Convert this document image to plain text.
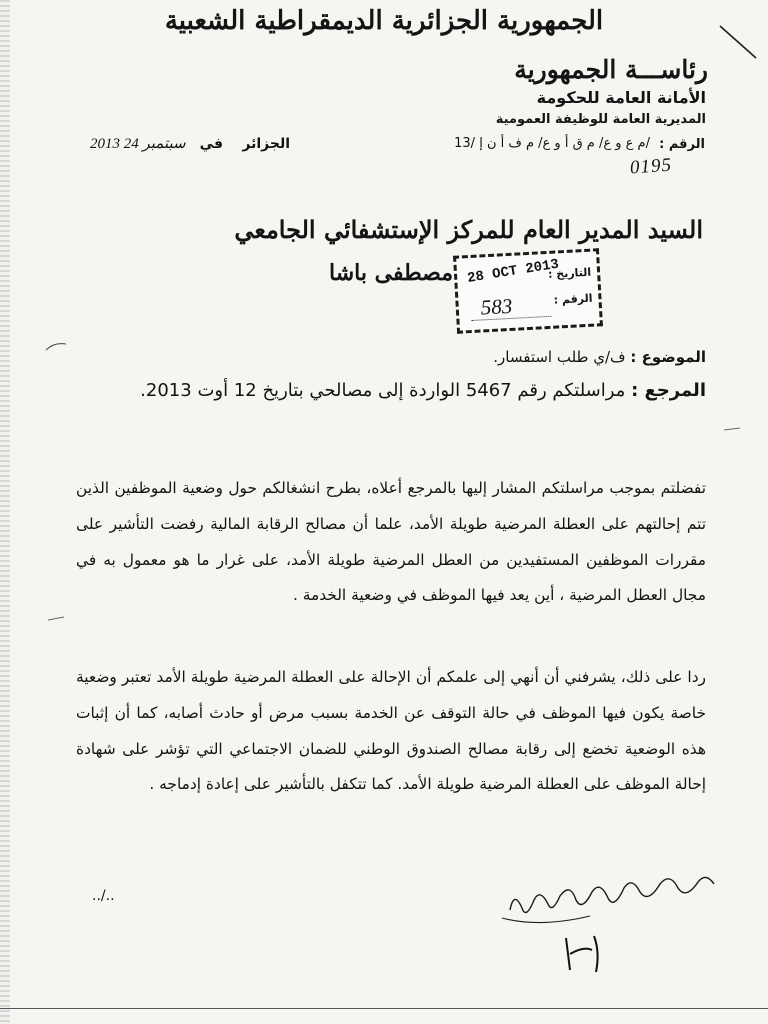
الجمهورية الجزائرية الديمقراطية الشعبية
رئاســـة الجمهورية
الأمانة العامة للحكومة
المديرية العامة للوظيفة العمومية
الرقم :
13/ م ع و ع/ م ق أ و ع/ م ف أ ن إ/
الجزائر
في
2013 سبتمبر 24
0195
السيد المدير العام للمركز الإستشفائي الجامعي
مصطفى باشا	التاريخ :
28 OCT 2013
الرقم :
583
الموضوع : ف/ي طلب استفسار.
المرجع : مراسلتكم رقم 5467 الواردة إلى مصالحي بتاريخ 12 أوت 2013.

تفضلتم بموجب مراسلتكم المشار إليها بالمرجع أعلاه، بطرح انشغالكم حول وضعية الموظفين الذين تتم إحالتهم على العطلة المرضية طويلة الأمد، علما أن مصالح الرقابة المالية رفضت التأشير على مقررات الموظفين المستفيدين من العطل المرضية طويلة الأمد، على غرار ما هو معمول به في مجال العطل المرضية ، أين يعد فيها الموظف في وضعية الخدمة .

ردا على ذلك، يشرفني أن أنهي إلى علمكم أن الإحالة على العطلة المرضية طويلة الأمد تعتبر وضعية خاصة يكون فيها الموظف في حالة التوقف عن الخدمة بسبب مرض أو حادث أصابه، كما أن إثبات هذه الوضعية تخضع إلى رقابة مصالح الصندوق الوطني للضمان الاجتماعي التي تؤشر على شهادة إحالة الموظف على العطلة المرضية طويلة الأمد. كما تتكفل بالتأشير على إعادة إدماجه .

../..
